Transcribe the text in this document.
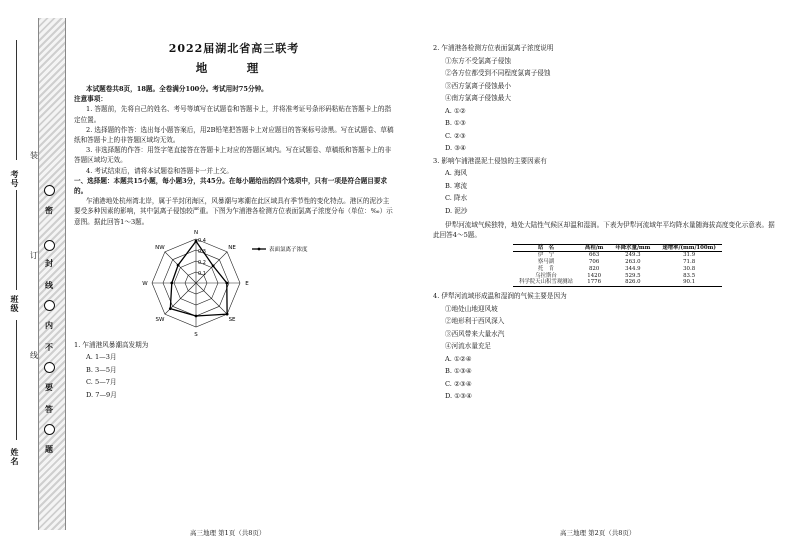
考号
班级
姓名
密
封
线
内
不
要
答
题
装
订
线
2022届湖北省高三联考
地　理

本试题卷共8页，18题。全卷满分100分。考试用时75分钟。

注意事项：

1. 答题前，先将自己的姓名、考号等填写在试题卷和答题卡上，并将准考证号条形码粘贴在答题卡上的指定位置。

2. 选择题的作答：选出每小题答案后，用2B铅笔把答题卡上对应题目的答案标号涂黑。写在试题卷、草稿纸和答题卡上的非答题区域均无效。

3. 非选择题的作答：用签字笔直接答在答题卡上对应的答题区域内。写在试题卷、草稿纸和答题卡上的非答题区域均无效。

4. 考试结束后，请将本试题卷和答题卡一并上交。

一、选择题：本题共15小题，每小题3分，共45分。在每小题给出的四个选项中，只有一项是符合题目要求的。

乍浦港地处杭州湾北岸，属于半封闭海区，风暴潮与寒潮在此区域具有季节性的变化特点。港区的泥沙主要受多种因素的影响，其中氯离子侵蚀较严重。下图为乍浦港各检测方位表面氯离子浓度分布（单位：‰）示意图。据此回答1～3题。

N
NE
E
SE
S
SW
W
NW
0.1
0.2
0.3
0.4
表面氯离子浓度

1. 乍浦港风暴潮高发期为

A. 1—3月

B. 3—5月

C. 5—7月

D. 7—9月

高三地理 第1页（共8页）

2. 乍浦港各检测方位表面氯离子浓度说明

①东方不受氯离子侵蚀

②各方位都受到不同程度氯离子侵蚀

③西方氯离子侵蚀最小

④南方氯离子侵蚀最大

A. ①②

B. ①③

C. ②③

D. ③④

3. 影响乍浦港混泥土侵蚀的主要因素有

A. 海风

B. 寒流

C. 降水

D. 泥沙

伊犁河流域气候独特，地处大陆性气候区却温和湿润。下表为伊犁河流域年平均降水量随海拔高度变化示意表。据此回答4～5题。

站　名	高程/m	年降水量/mm	递增率/(mm/100m)
伊　宁	663	249.3	31.9
察马湖	706	263.0	71.8
托　肯	820	344.9	30.8
乌拉斯台	1420	529.5	83.5
科学院天山积雪观测站	1776	826.0	90.1

4. 伊犁河流域形成温和湿润的气候主要是因为

①地处山地迎风坡

②地形利于西风深入

③西风带来大量水汽

④河流水量充足

A. ①②④

B. ①③④

C. ②③④

D. ①③④

高三地理 第2页（共8页）
